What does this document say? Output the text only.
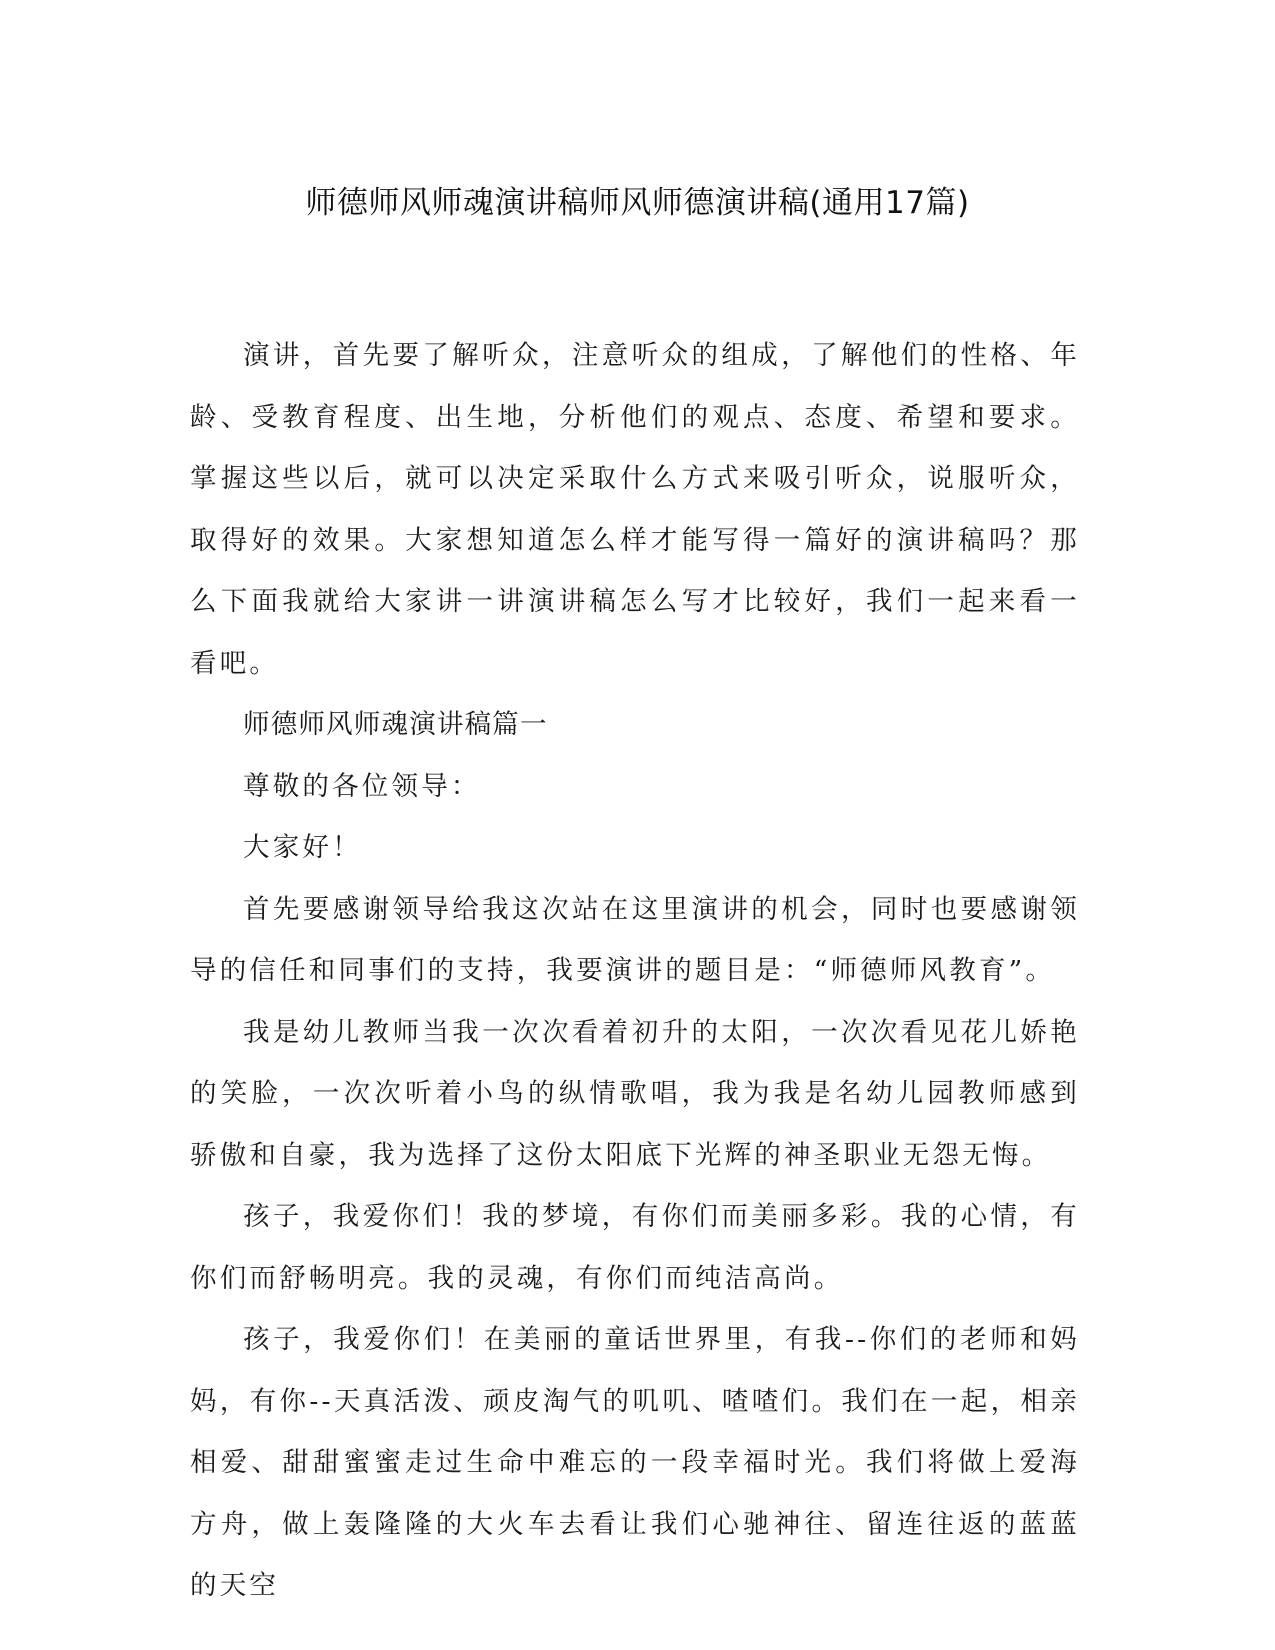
师德师风师魂演讲稿师风师德演讲稿(通用17篇)

演讲，首先要了解听众，注意听众的组成，了解他们的性格、年龄、受教育程度、出生地，分析他们的观点、态度、希望和要求。掌握这些以后，就可以决定采取什么方式来吸引听众，说服听众，取得好的效果。大家想知道怎么样才能写得一篇好的演讲稿吗？那么下面我就给大家讲一讲演讲稿怎么写才比较好，我们一起来看一看吧。

师德师风师魂演讲稿篇一

尊敬的各位领导：

大家好！

首先要感谢领导给我这次站在这里演讲的机会，同时也要感谢领导的信任和同事们的支持，我要演讲的题目是：“师德师风教育”。

我是幼儿教师当我一次次看着初升的太阳，一次次看见花儿娇艳的笑脸，一次次听着小鸟的纵情歌唱，我为我是名幼儿园教师感到骄傲和自豪，我为选择了这份太阳底下光辉的神圣职业无怨无悔。

孩子，我爱你们！我的梦境，有你们而美丽多彩。我的心情，有你们而舒畅明亮。我的灵魂，有你们而纯洁高尚。

孩子，我爱你们！在美丽的童话世界里，有我--你们的老师和妈妈，有你--天真活泼、顽皮淘气的叽叽、喳喳们。我们在一起，相亲相爱、甜甜蜜蜜走过生命中难忘的一段幸福时光。我们将做上爱海方舟，做上轰隆隆的大火车去看让我们心驰神往、留连往返的蓝蓝的天空
